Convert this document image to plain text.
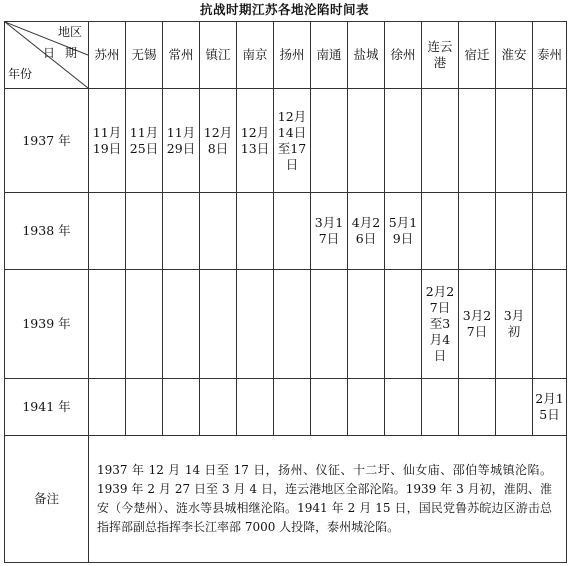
抗战时期江苏各地沦陷时间表
地区
日期
年份	苏州	无锡	常州	镇江	南京	扬州	南通	盐城	徐州	连云港	宿迁	淮安	泰州
1937 年	11月19日	11月25日	11月29日	12月8日	12月13日	12月14日至17日							
1938 年							3月17日	4月26日	5月19日				
1939 年										2月27日至3月4日	3月27日	3月初	
1941 年													2月15日
备注	1937 年 12 月 14 日至 17 日，扬州、仪征、十二圩、仙女庙、邵伯等城镇沦陷。1939 年 2 月 27 日至 3 月 4 日，连云港地区全部沦陷。1939 年 3 月初，淮阴、淮安（今楚州）、涟水等县城相继沦陷。1941 年 2 月 15 日，国民党鲁苏皖边区游击总指挥部副总指挥李长江率部 7000 人投降，泰州城沦陷。												
